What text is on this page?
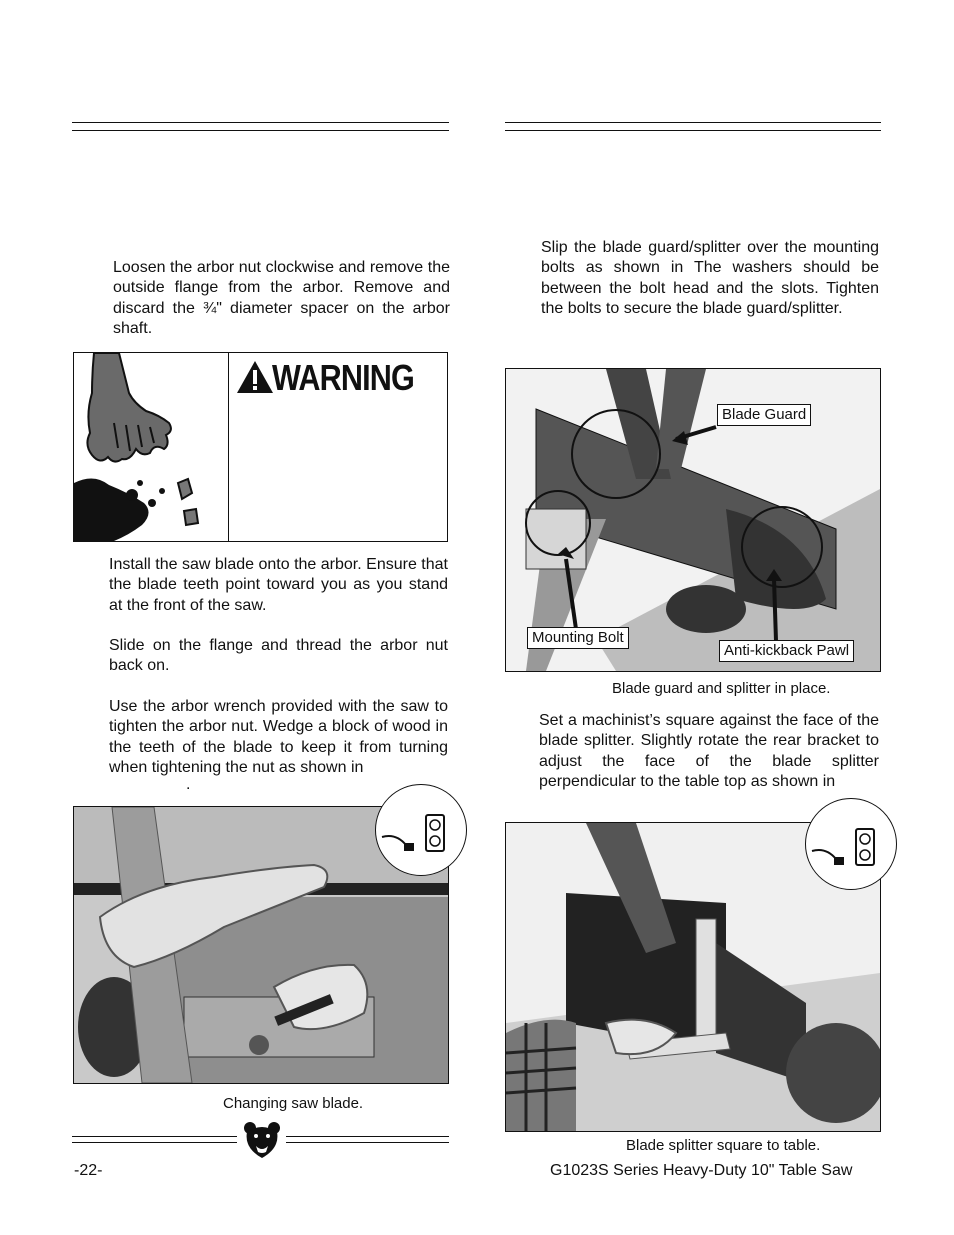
Loosen the arbor nut clockwise and remove the outside flange from the arbor. Remove and discard the ¾" diameter spacer on the arbor shaft.
WARNING
Install the saw blade onto the arbor. Ensure that the blade teeth point toward you as you stand at the front of the saw.
Slide on the flange and thread the arbor nut back on.
Use the arbor wrench provided with the saw to tighten the arbor nut. Wedge a block of wood in the teeth of the blade to keep it from turning when tightening the nut as shown in
.
Changing saw blade.
Slip the blade guard/splitter over the mounting bolts as shown in The washers should be between the bolt head and the slots. Tighten the bolts to secure the blade guard/splitter.
Blade Guard
Mounting Bolt
Anti-kickback Pawl
Blade guard and splitter in place.
Set a machinist’s square against the face of the blade splitter. Slightly rotate the rear bracket to adjust the face of the blade splitter perpendicular to the table top as shown in
Blade splitter square to table.
-22-	G1023S Series Heavy-Duty 10" Table Saw
